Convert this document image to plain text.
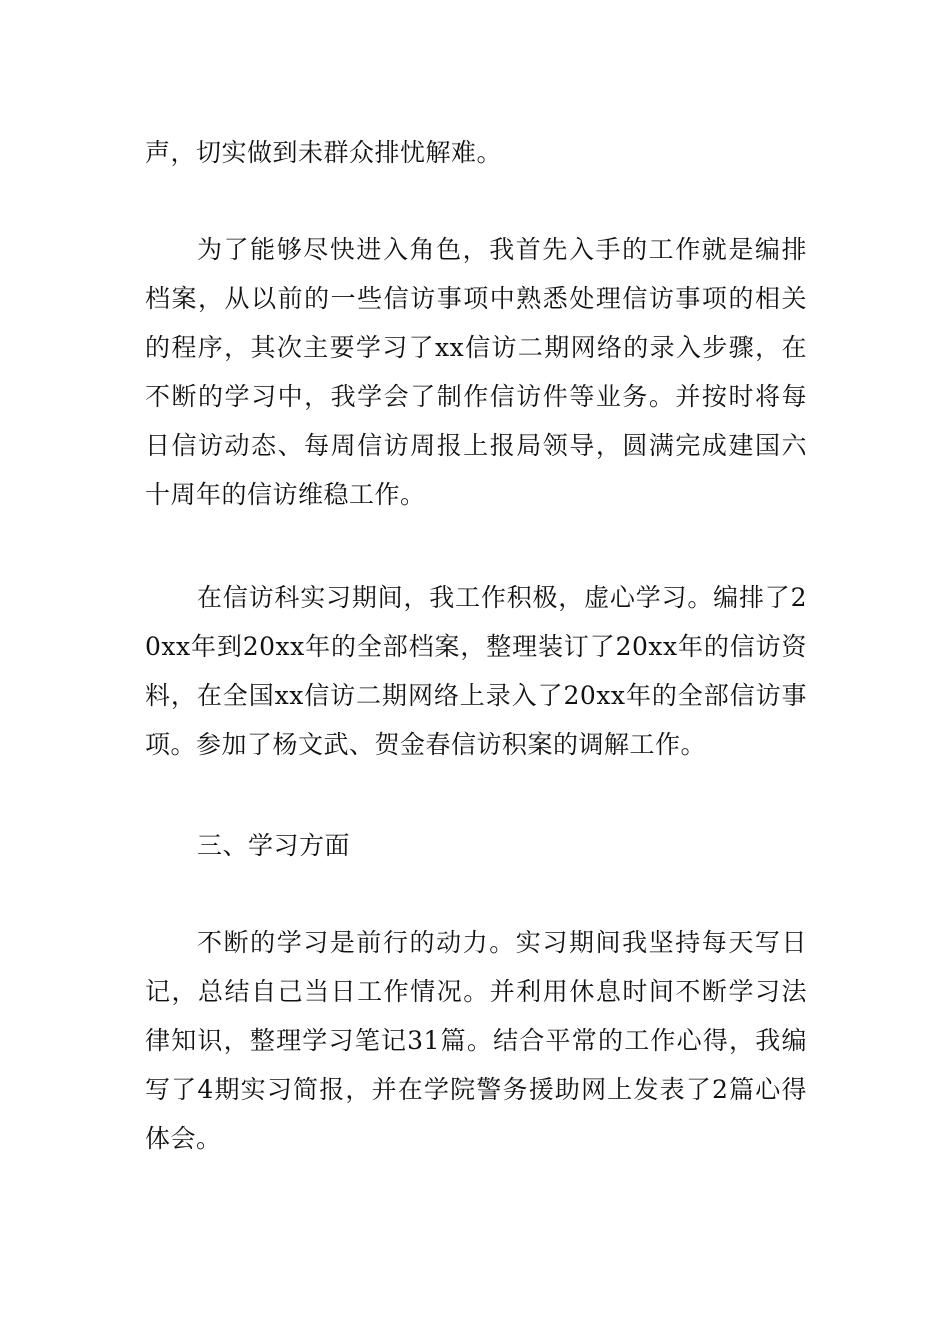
声，切实做到未群众排忧解难。

为了能够尽快进入角色，我首先入手的工作就是编排档案，从以前的一些信访事项中熟悉处理信访事项的相关的程序，其次主要学习了xx信访二期网络的录入步骤，在不断的学习中，我学会了制作信访件等业务。并按时将每日信访动态、每周信访周报上报局领导，圆满完成建国六十周年的信访维稳工作。

在信访科实习期间，我工作积极，虚心学习。编排了20xx年到20xx年的全部档案，整理装订了20xx年的信访资料，在全国xx信访二期网络上录入了20xx年的全部信访事项。参加了杨文武、贺金春信访积案的调解工作。

三、学习方面

不断的学习是前行的动力。实习期间我坚持每天写日记，总结自己当日工作情况。并利用休息时间不断学习法律知识，整理学习笔记31篇。结合平常的工作心得，我编写了4期实习简报，并在学院警务援助网上发表了2篇心得体会。
